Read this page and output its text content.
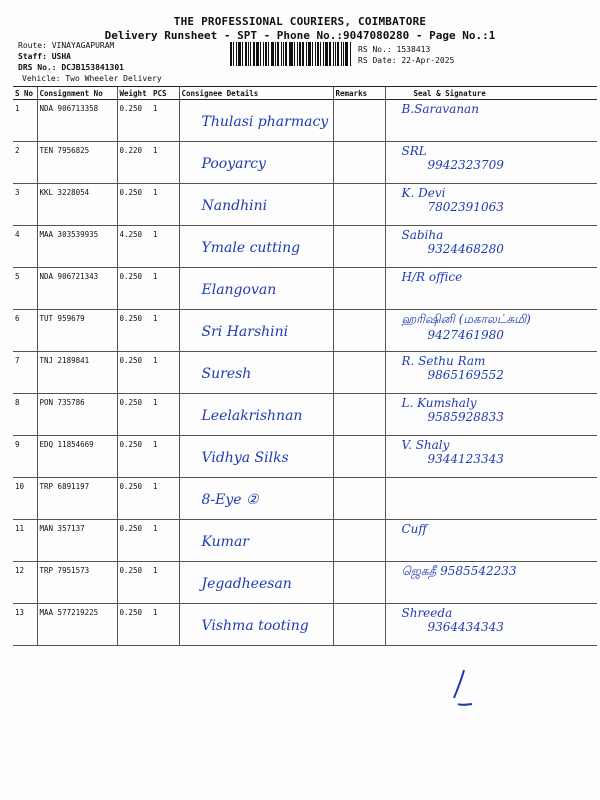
THE PROFESSIONAL COURIERS, COIMBATORE
Delivery Runsheet - SPT - Phone No.:9047080280 - Page No.:1
Route: VINAYAGAPURAM
Staff: USHA
DRS No.: DCJB153841301
Vehicle: Two Wheeler Delivery
RS No.: 1538413
RS Date: 22-Apr-2025
S No	Consignment No	Weight	PCS	Consignee Details	Remarks	Seal & Signature
1	NDA 906713358	0.250	1	Thulasi pharmacy		B.Saravanan
2	TEN 7956825	0.220	1	Pooyarcy		SRL
9942323709

3	KKL 3228054	0.250	1	Nandhini		K. Devi
7802391063

4	MAA 303539935	4.250	1	Ymale cutting		Sabiha
9324468280

5	NDA 906721343	0.250	1	Elangovan		H/R office
6	TUT 959679	0.250	1	Sri Harshini		ஹரிஷினி (மகாலட்சுமி)
9427461980

7	TNJ 2189841	0.250	1	Suresh		R. Sethu Ram
9865169552

8	PON 735786	0.250	1	Leelakrishnan		L. Kumshaly
9585928833

9	EDQ 11854669	0.250	1	Vidhya Silks		V. Shaly
9344123343

10	TRP 6891197	0.250	1	8-Eye ②		
11	MAN 357137	0.250	1	Kumar		Cuff
12	TRP 7951573	0.250	1	Jegadheesan		ஜெகதீ 9585542233
13	MAA 577219225	0.250	1	Vishma tooting		Shreeda
9364434343
